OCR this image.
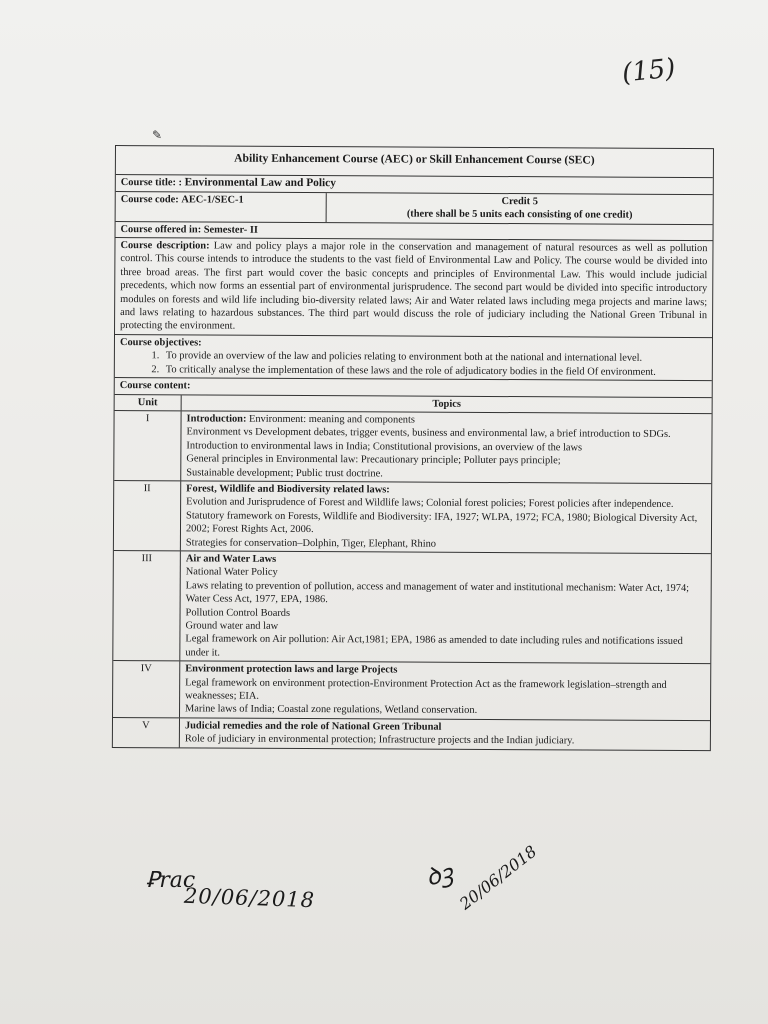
(15)
✎
Ability Enhancement Course (AEC) or Skill Enhancement Course (SEC)
Course title: : Environmental Law and Policy
Course code: AEC-1/SEC-1	Credit 5
(there shall be 5 units each consisting of one credit)
Course offered in: Semester- II
Course description: Law and policy plays a major role in the conservation and management of natural resources as well as pollution control. This course intends to introduce the students to the vast field of Environmental Law and Policy. The course would be divided into three broad areas. The first part would cover the basic concepts and principles of Environmental Law. This would include judicial precedents, which now forms an essential part of environmental jurisprudence. The second part would be divided into specific introductory modules on forests and wild life including bio-diversity related laws; Air and Water related laws including mega projects and marine laws; and laws relating to hazardous substances. The third part would discuss the role of judiciary including the National Green Tribunal in protecting the environment.
Course objectives:
1. To provide an overview of the law and policies relating to environment both at the national and international level.
2. To critically analyse the implementation of these laws and the role of adjudicatory bodies in the field Of environment.
Course content:
Unit	Topics
I	Introduction: Environment: meaning and components
Environment vs Development debates, trigger events, business and environmental law, a brief introduction to SDGs.
Introduction to environmental laws in India; Constitutional provisions, an overview of the laws
General principles in Environmental law: Precautionary principle; Polluter pays principle;
Sustainable development; Public trust doctrine.
II	Forest, Wildlife and Biodiversity related laws:
Evolution and Jurisprudence of Forest and Wildlife laws; Colonial forest policies; Forest policies after independence.
Statutory framework on Forests, Wildlife and Biodiversity: IFA, 1927; WLPA, 1972; FCA, 1980; Biological Diversity Act, 2002; Forest Rights Act, 2006.
Strategies for conservation–Dolphin, Tiger, Elephant, Rhino
III	Air and Water Laws
National Water Policy
Laws relating to prevention of pollution, access and management of water and institutional mechanism: Water Act, 1974; Water Cess Act, 1977, EPA, 1986.
Pollution Control Boards
Ground water and law
Legal framework on Air pollution: Air Act,1981; EPA, 1986 as amended to date including rules and notifications issued under it.
IV	Environment protection laws and large Projects
Legal framework on environment protection-Environment Protection Act as the framework legislation–strength and weaknesses; EIA.
Marine laws of India; Coastal zone regulations, Wetland conservation.
V	Judicial remedies and the role of National Green Tribunal
Role of judiciary in environmental protection; Infrastructure projects and the Indian judiciary.
Ꝑrac
20/06/2018
ꝺꝫ 20/06/2018
